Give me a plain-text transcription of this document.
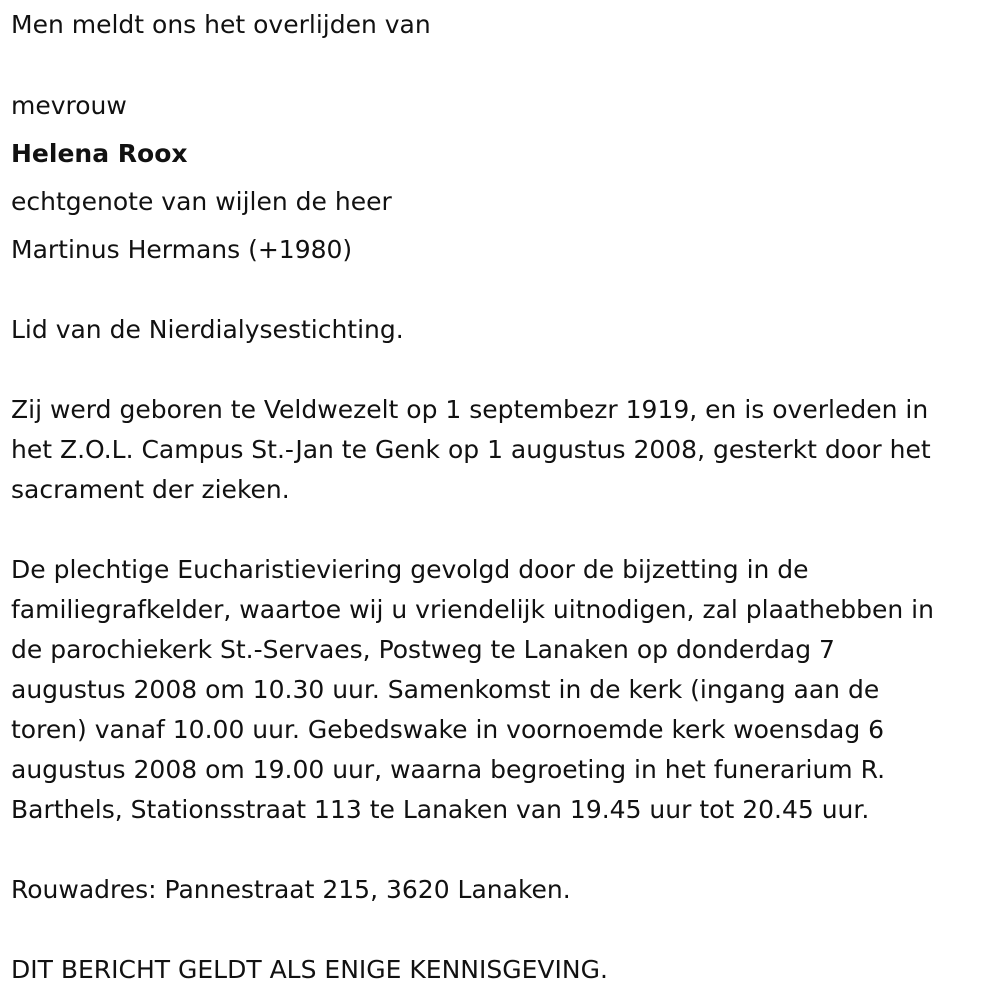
Men meldt ons het overlijden van

mevrouw

Helena Roox

echtgenote van wijlen de heer

Martinus Hermans (+1980)

Lid van de Nierdialysestichting.

Zij werd geboren te Veldwezelt op 1 septembezr 1919, en is overleden in
het Z.O.L. Campus St.-Jan te Genk op 1 augustus 2008, gesterkt door het
sacrament der zieken.
De plechtige Eucharistieviering gevolgd door de bijzetting in de
familiegrafkelder, waartoe wij u vriendelijk uitnodigen, zal plaathebben in
de parochiekerk St.-Servaes, Postweg te Lanaken op donderdag 7
augustus 2008 om 10.30 uur. Samenkomst in de kerk (ingang aan de
toren) vanaf 10.00 uur. Gebedswake in voornoemde kerk woensdag 6
augustus 2008 om 19.00 uur, waarna begroeting in het funerarium R.
Barthels, Stationsstraat 113 te Lanaken van 19.45 uur tot 20.45 uur.

Rouwadres: Pannestraat 215, 3620 Lanaken.

DIT BERICHT GELDT ALS ENIGE KENNISGEVING.
